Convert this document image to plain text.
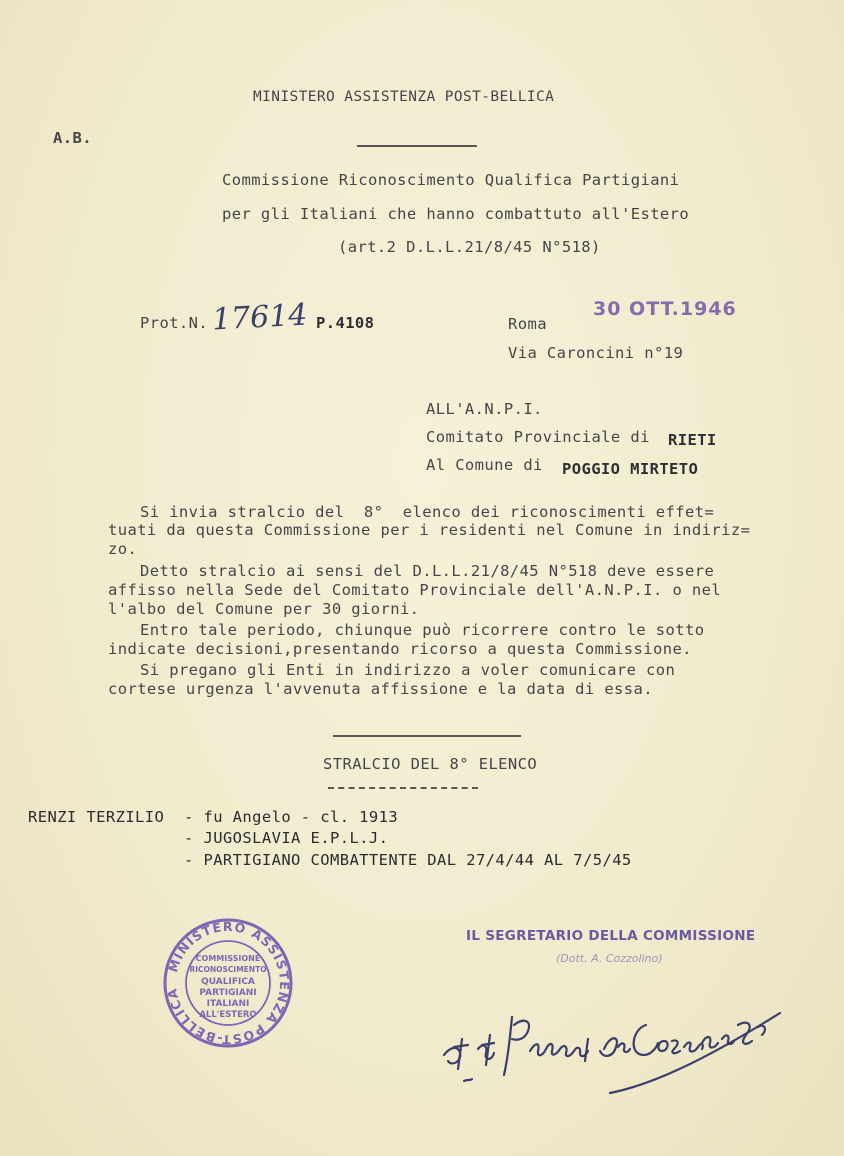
MINISTERO ASSISTENZA POST-BELLICA
A.B.
Commissione Riconoscimento Qualifica Partigiani
per gli Italiani che hanno combattuto all'Estero
(art.2 D.L.L.21/8/45 N°518)
Prot.N. 17614 P.4108	Roma
30 OTT.1946
Via Caroncini n°19
ALL'A.N.P.I.
Comitato Provinciale di RIETI
Al Comune di POGGIO MIRTETO
Si invia stralcio del  8°  elenco dei riconoscimenti effet=
tuati da questa Commissione per i residenti nel Comune in indiriz=
zo.
Detto stralcio ai sensi del D.L.L.21/8/45 N°518 deve essere
affisso nella Sede del Comitato Provinciale dell'A.N.P.I. o nel
l'albo del Comune per 30 giorni.
Entro tale periodo, chiunque può ricorrere contro le sotto
indicate decisioni,presentando ricorso a questa Commissione.
Si pregano gli Enti in indirizzo a voler comunicare con
cortese urgenza l'avvenuta affissione e la data di essa.
STRALCIO DEL 8° ELENCO
RENZI TERZILIO - fu Angelo - cl. 1913
- JUGOSLAVIA E.P.L.J.
- PARTIGIANO COMBATTENTE DAL 27/4/44 AL 7/5/45
MINISTERO ASSISTENZA POST-BELLICA
COMMISSIONE
RICONOSCIMENTO
QUALIFICA
PARTIGIANI
ITALIANI
ALL'ESTERO
IL SEGRETARIO DELLA COMMISSIONE
(Dott. A. Cozzolino)
